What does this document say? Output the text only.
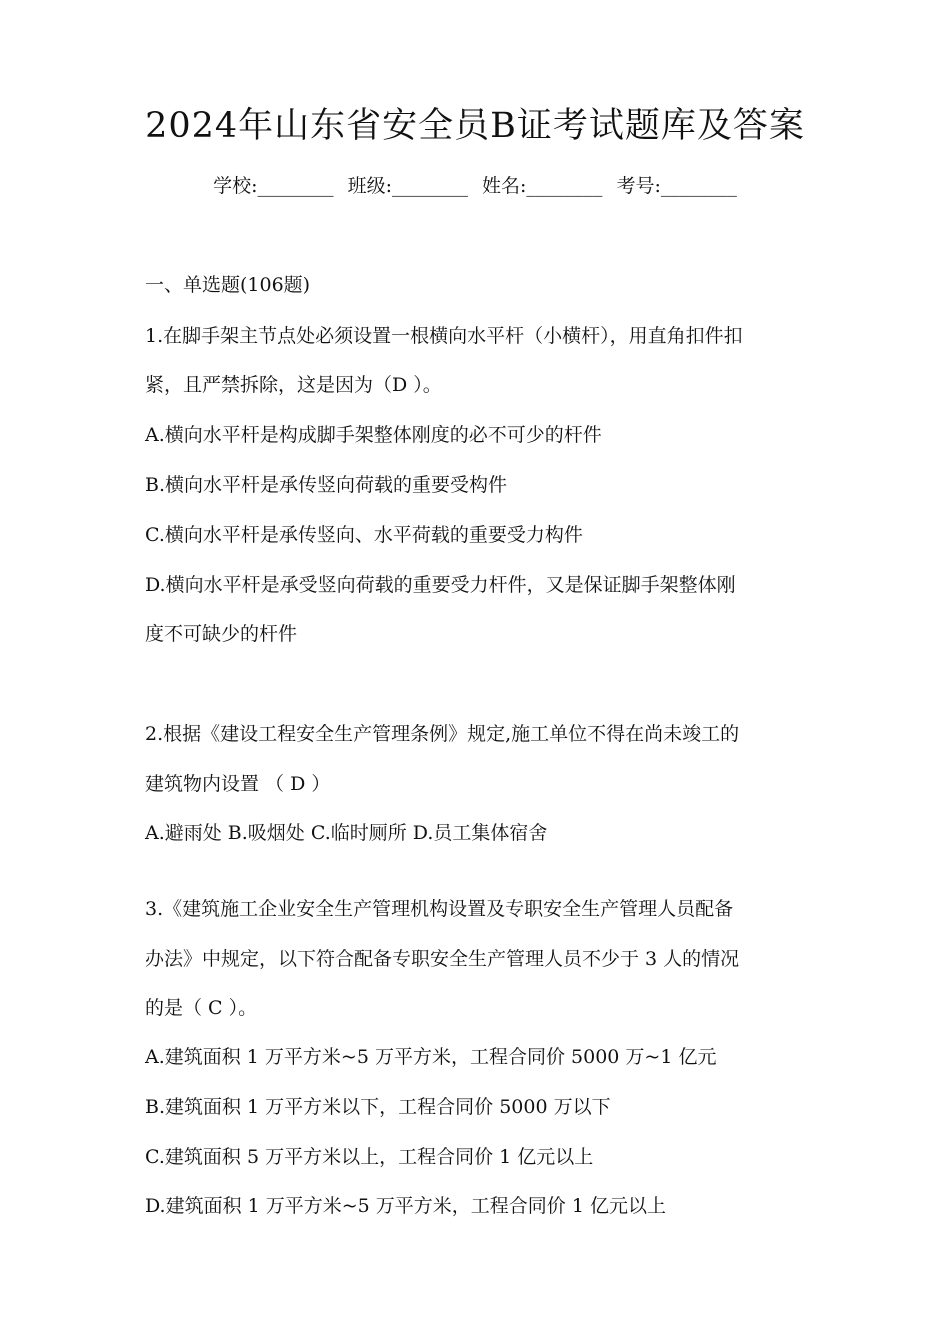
2024年山东省安全员B证考试题库及答案
学校:________ 班级:________ 姓名:________ 考号:________
一、单选题(106题)
1.在脚手架主节点处必须设置一根横向水平杆（小横杆），用直角扣件扣
紧，且严禁拆除，这是因为（D ）。
A.横向水平杆是构成脚手架整体刚度的必不可少的杆件
B.横向水平杆是承传竖向荷载的重要受构件
C.横向水平杆是承传竖向、水平荷载的重要受力构件
D.横向水平杆是承受竖向荷载的重要受力杆件，又是保证脚手架整体刚
度不可缺少的杆件
2.根据《建设工程安全生产管理条例》规定,施工单位不得在尚未竣工的
建筑物内设置 （ D ）
A.避雨处 B.吸烟处 C.临时厕所 D.员工集体宿舍
3.《建筑施工企业安全生产管理机构设置及专职安全生产管理人员配备
办法》中规定，以下符合配备专职安全生产管理人员不少于 3 人的情况
的是（ C ）。
A.建筑面积 1 万平方米~5 万平方米，工程合同价 5000 万~1 亿元
B.建筑面积 1 万平方米以下，工程合同价 5000 万以下
C.建筑面积 5 万平方米以上，工程合同价 1 亿元以上
D.建筑面积 1 万平方米~5 万平方米，工程合同价 1 亿元以上
